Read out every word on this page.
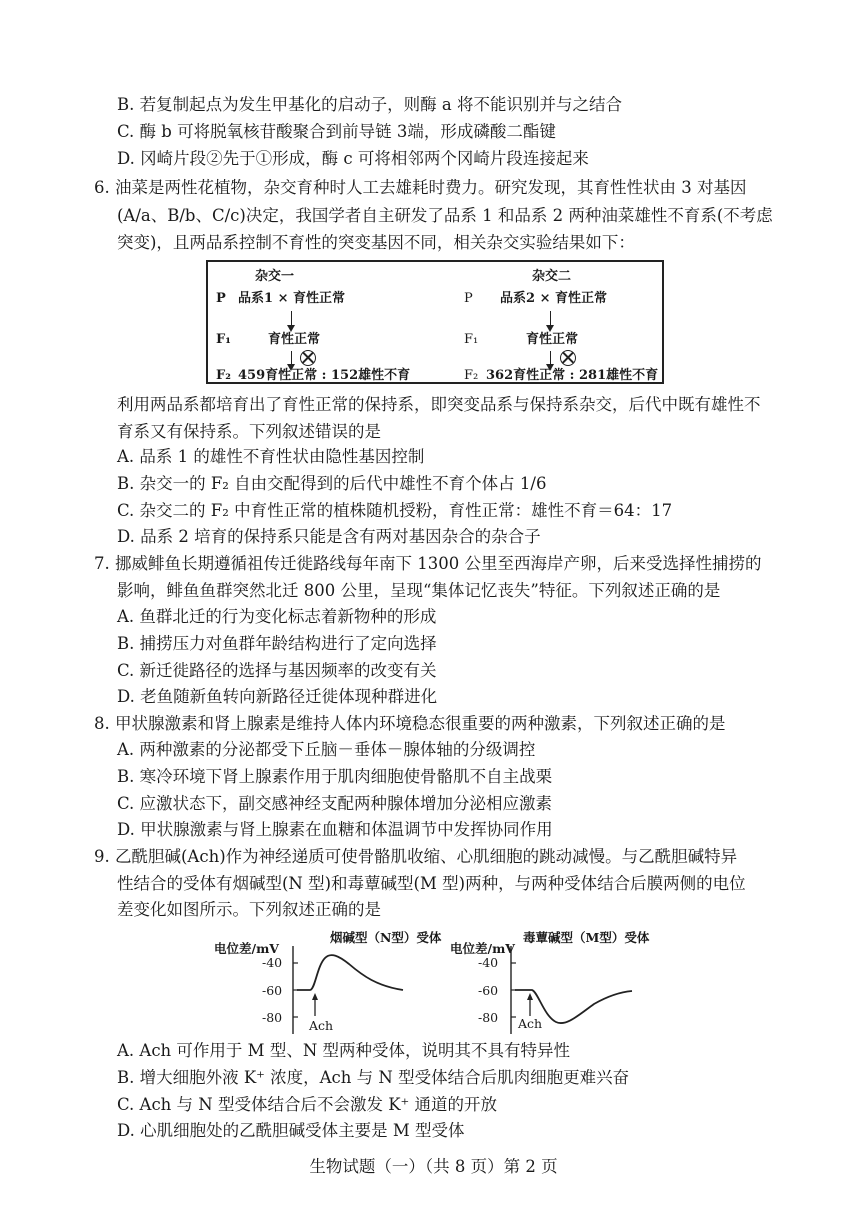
B. 若复制起点为发生甲基化的启动子，则酶 a 将不能识别并与之结合
C. 酶 b 可将脱氧核苷酸聚合到前导链 3端，形成磷酸二酯键
D. 冈崎片段②先于①形成，酶 c 可将相邻两个冈崎片段连接起来
6. 油菜是两性花植物，杂交育种时人工去雄耗时费力。研究发现，其育性性状由 3 对基因
(A/a、B/b、C/c)决定，我国学者自主研发了品系 1 和品系 2 两种油菜雄性不育系(不考虑
突变)，且两品系控制不育性的突变基因不同，相关杂交实验结果如下：
杂交一
P 品系1 × 育性正常
F₁	育性正常
F₂ 459育性正常 : 152雄性不育
杂交二
P 品系2 × 育性正常
F₁	育性正常
F₂ 362育性正常 : 281雄性不育
利用两品系都培育出了育性正常的保持系，即突变品系与保持系杂交，后代中既有雄性不
育系又有保持系。下列叙述错误的是
A. 品系 1 的雄性不育性状由隐性基因控制
B. 杂交一的 F₂ 自由交配得到的后代中雄性不育个体占 1/6
C. 杂交二的 F₂ 中育性正常的植株随机授粉，育性正常：雄性不育＝64：17
D. 品系 2 培育的保持系只能是含有两对基因杂合的杂合子
7. 挪威鲱鱼长期遵循祖传迁徙路线每年南下 1300 公里至西海岸产卵，后来受选择性捕捞的
影响，鲱鱼鱼群突然北迁 800 公里，呈现“集体记忆丧失”特征。下列叙述正确的是
A. 鱼群北迁的行为变化标志着新物种的形成
B. 捕捞压力对鱼群年龄结构进行了定向选择
C. 新迁徙路径的选择与基因频率的改变有关
D. 老鱼随新鱼转向新路径迁徙体现种群进化
8. 甲状腺激素和肾上腺素是维持人体内环境稳态很重要的两种激素，下列叙述正确的是
A. 两种激素的分泌都受下丘脑－垂体－腺体轴的分级调控
B. 寒冷环境下肾上腺素作用于肌肉细胞使骨骼肌不自主战栗
C. 应激状态下，副交感神经支配两种腺体增加分泌相应激素
D. 甲状腺激素与肾上腺素在血糖和体温调节中发挥协同作用
9. 乙酰胆碱(Ach)作为神经递质可使骨骼肌收缩、心肌细胞的跳动减慢。与乙酰胆碱特异
性结合的受体有烟碱型(N 型)和毒蕈碱型(M 型)两种，与两种受体结合后膜两侧的电位
差变化如图所示。下列叙述正确的是
烟碱型（N型）受体
电位差/mV
-40
-60
-80
Ach
毒蕈碱型（M型）受体
电位差/mV
-40
-60
-80 Ach
A. Ach 可作用于 M 型、N 型两种受体，说明其不具有特异性
B. 增大细胞外液 K⁺ 浓度，Ach 与 N 型受体结合后肌肉细胞更难兴奋
C. Ach 与 N 型受体结合后不会激发 K⁺ 通道的开放
D. 心肌细胞处的乙酰胆碱受体主要是 M 型受体
生物试题（一）（共 8 页）第 2 页
